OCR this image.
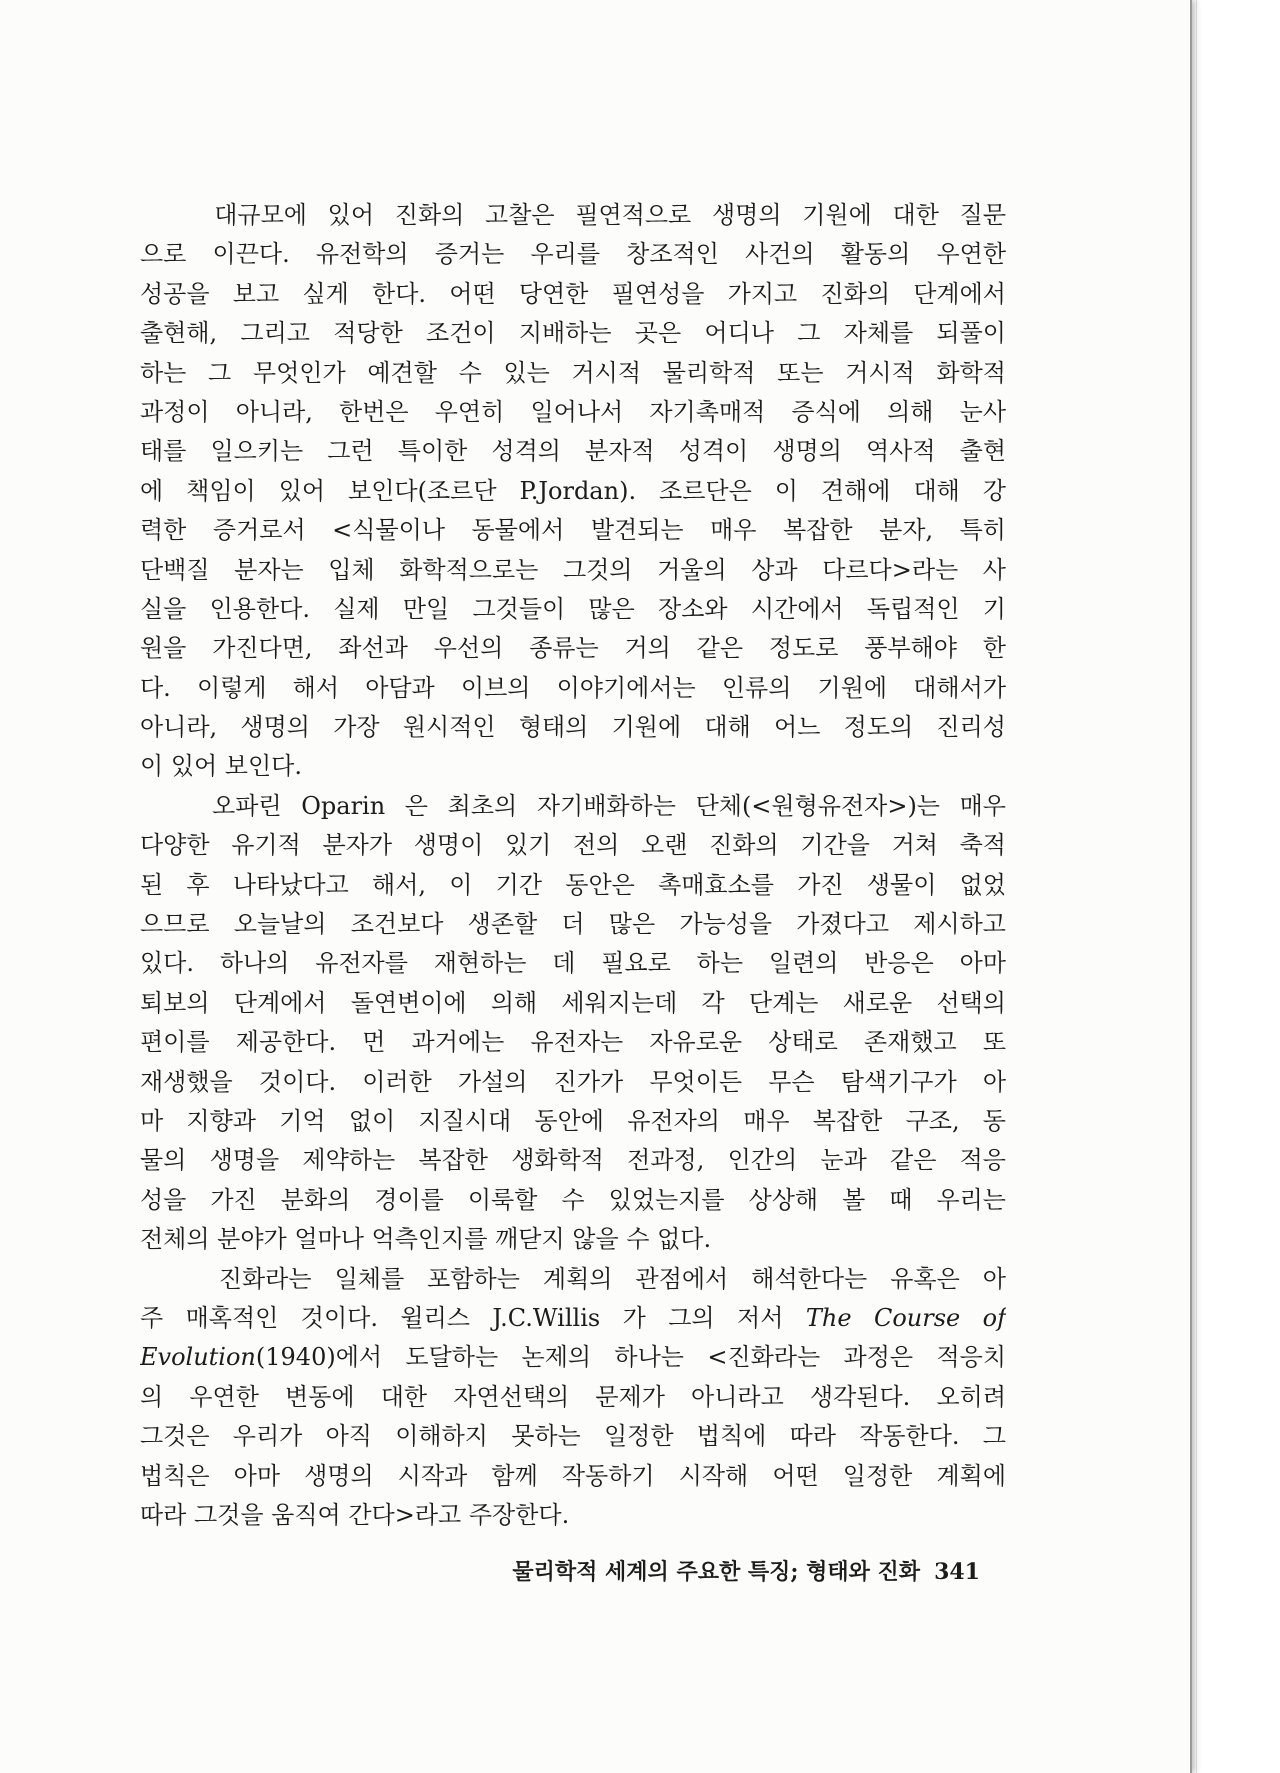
　　대규모에 있어 진화의 고찰은 필연적으로 생명의 기원에 대한 질문
으로 이끈다. 유전학의 증거는 우리를 창조적인 사건의 활동의 우연한
성공을 보고 싶게 한다. 어떤 당연한 필연성을 가지고 진화의 단계에서
출현해, 그리고 적당한 조건이 지배하는 곳은 어디나 그 자체를 되풀이
하는 그 무엇인가 예견할 수 있는 거시적 물리학적 또는 거시적 화학적
과정이 아니라, 한번은 우연히 일어나서 자기촉매적 증식에 의해 눈사
태를 일으키는 그런 특이한 성격의 분자적 성격이 생명의 역사적 출현
에 책임이 있어 보인다(조르단 P.Jordan). 조르단은 이 견해에 대해 강
력한 증거로서 <식물이나 동물에서 발견되는 매우 복잡한 분자, 특히
단백질 분자는 입체 화학적으로는 그것의 거울의 상과 다르다>라는 사
실을 인용한다. 실제 만일 그것들이 많은 장소와 시간에서 독립적인 기
원을 가진다면, 좌선과 우선의 종류는 거의 같은 정도로 풍부해야 한
다. 이렇게 해서 아담과 이브의 이야기에서는 인류의 기원에 대해서가
아니라, 생명의 가장 원시적인 형태의 기원에 대해 어느 정도의 진리성
이 있어 보인다.
　　오파린 Oparin 은 최초의 자기배화하는 단체(<원형유전자>)는 매우
다양한 유기적 분자가 생명이 있기 전의 오랜 진화의 기간을 거쳐 축적
된 후 나타났다고 해서, 이 기간 동안은 촉매효소를 가진 생물이 없었
으므로 오늘날의 조건보다 생존할 더 많은 가능성을 가졌다고 제시하고
있다. 하나의 유전자를 재현하는 데 필요로 하는 일련의 반응은 아마
퇴보의 단계에서 돌연변이에 의해 세워지는데 각 단계는 새로운 선택의
편이를 제공한다. 먼 과거에는 유전자는 자유로운 상태로 존재했고 또
재생했을 것이다. 이러한 가설의 진가가 무엇이든 무슨 탐색기구가 아
마 지향과 기억 없이 지질시대 동안에 유전자의 매우 복잡한 구조, 동
물의 생명을 제약하는 복잡한 생화학적 전과정, 인간의 눈과 같은 적응
성을 가진 분화의 경이를 이룩할 수 있었는지를 상상해 볼 때 우리는
전체의 분야가 얼마나 억측인지를 깨닫지 않을 수 없다.
　　진화라는 일체를 포함하는 계획의 관점에서 해석한다는 유혹은 아
주 매혹적인 것이다. 윌리스 J.C.Willis 가 그의 저서 The Course of
Evolution(1940)에서 도달하는 논제의 하나는 <진화라는 과정은 적응치
의 우연한 변동에 대한 자연선택의 문제가 아니라고 생각된다. 오히려
그것은 우리가 아직 이해하지 못하는 일정한 법칙에 따라 작동한다. 그
법칙은 아마 생명의 시작과 함께 작동하기 시작해 어떤 일정한 계획에
따라 그것을 움직여 간다>라고 주장한다.
물리학적 세계의 주요한 특징; 형태와 진화 341
